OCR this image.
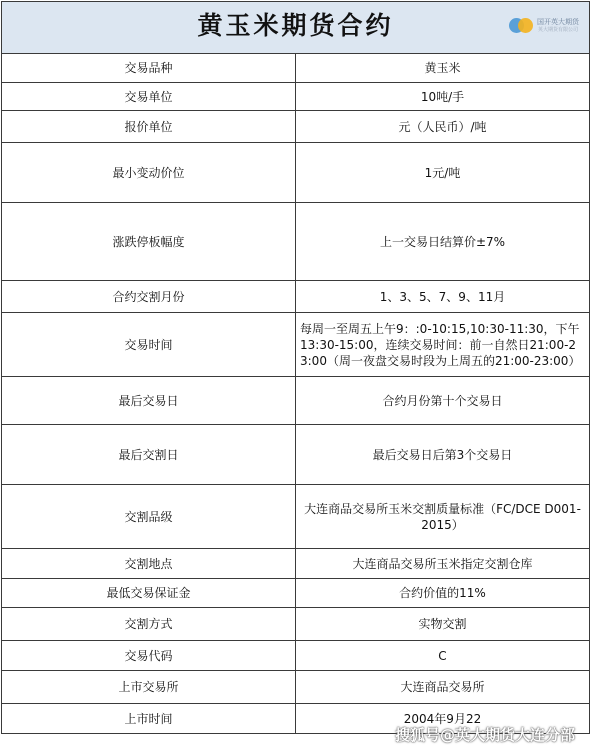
黄玉米期货合约 国开英大期货
英大期货有限公司	

交易品种	黄玉米
交易单位	10吨/手
报价单位	元（人民币）/吨
最小变动价位	1元/吨
涨跌停板幅度	上一交易日结算价±7%
合约交割月份	1、3、5、7、9、11月
交易时间	每周一至周五上午9：:0-10:15,10:30-11:30，下午13:30-15:00，连续交易时间：前一自然日21:00-23:00（周一夜盘交易时段为上周五的21:00-23:00）
最后交易日	合约月份第十个交易日
最后交割日	最后交易日后第3个交易日
交割品级	大连商品交易所玉米交割质量标准（FC/DCE D001-2015）
交割地点	大连商品交易所玉米指定交割仓库
最低交易保证金	合约价值的11%
交割方式	实物交割
交易代码	C
上市交易所	大连商品交易所
上市时间	2004年9月22
搜狐号@英大期货大连分部
